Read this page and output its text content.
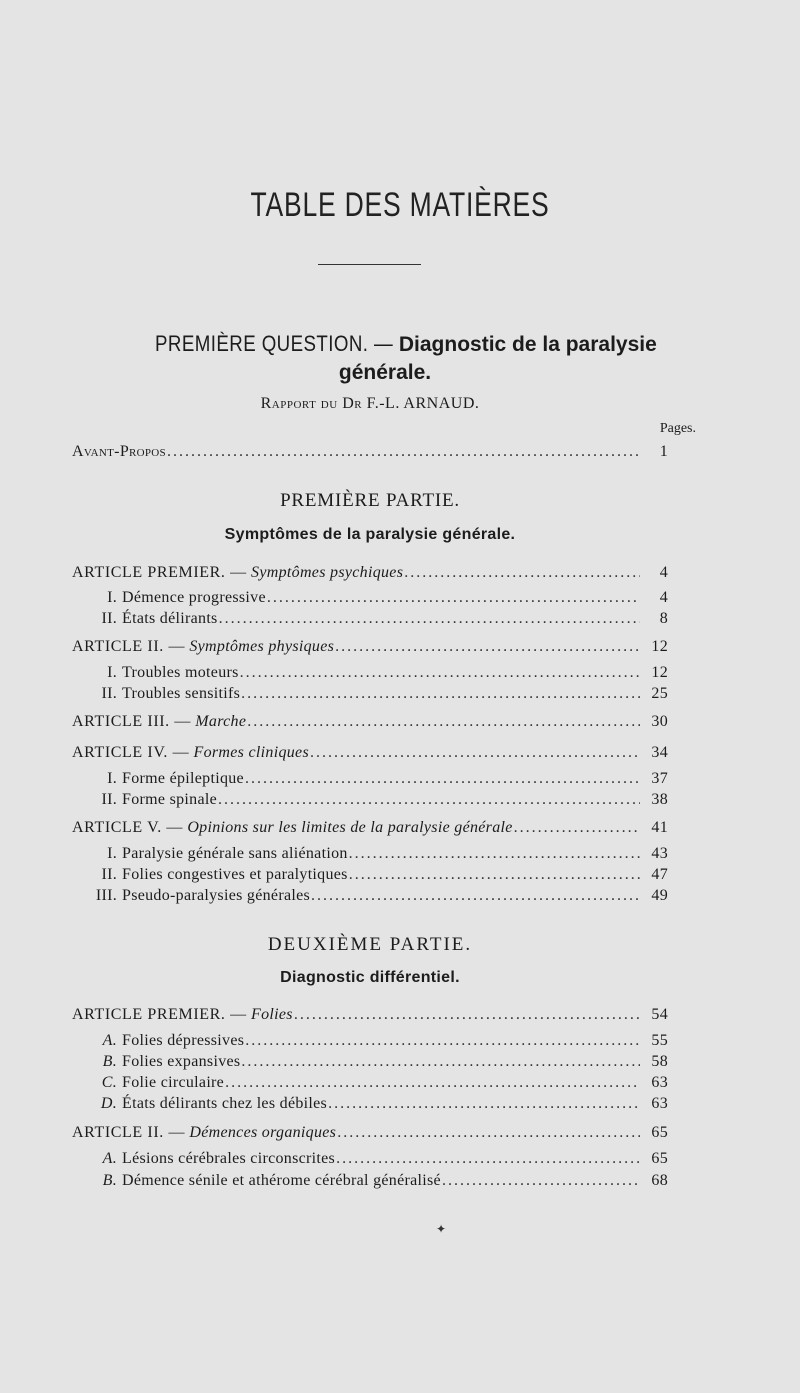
TABLE DES MATIÈRES
PREMIÈRE QUESTION. — Diagnostic de la paralysie
générale.
Rapport du Dr F.-L. ARNAUD.
Pages.
Avant-Propos .....	1
PREMIÈRE PARTIE.
Symptômes de la paralysie générale.
ARTICLE PREMIER. — Symptômes psychiques .....	4
I. Démence progressive .....	4
II. États délirants .....	8
ARTICLE II. — Symptômes physiques .....	12
I. Troubles moteurs .....	12
II. Troubles sensitifs .....	25
ARTICLE III. — Marche .....	30
ARTICLE IV. — Formes cliniques .....	34
I. Forme épileptique .....	37
II. Forme spinale .....	38
ARTICLE V. — Opinions sur les limites de la paralysie générale .....	41
I. Paralysie générale sans aliénation .....	43
II. Folies congestives et paralytiques .....	47
III. Pseudo-paralysies générales .....	49
DEUXIÈME PARTIE.
Diagnostic différentiel.
ARTICLE PREMIER. — Folies .....	54
A. Folies dépressives .....	55
B. Folies expansives .....	58
C. Folie circulaire .....	63
D. États délirants chez les débiles .....	63
ARTICLE II. — Démences organiques .....	65
A. Lésions cérébrales circonscrites .....	65
B. Démence sénile et athérome cérébral généralisé .....	68
✦
